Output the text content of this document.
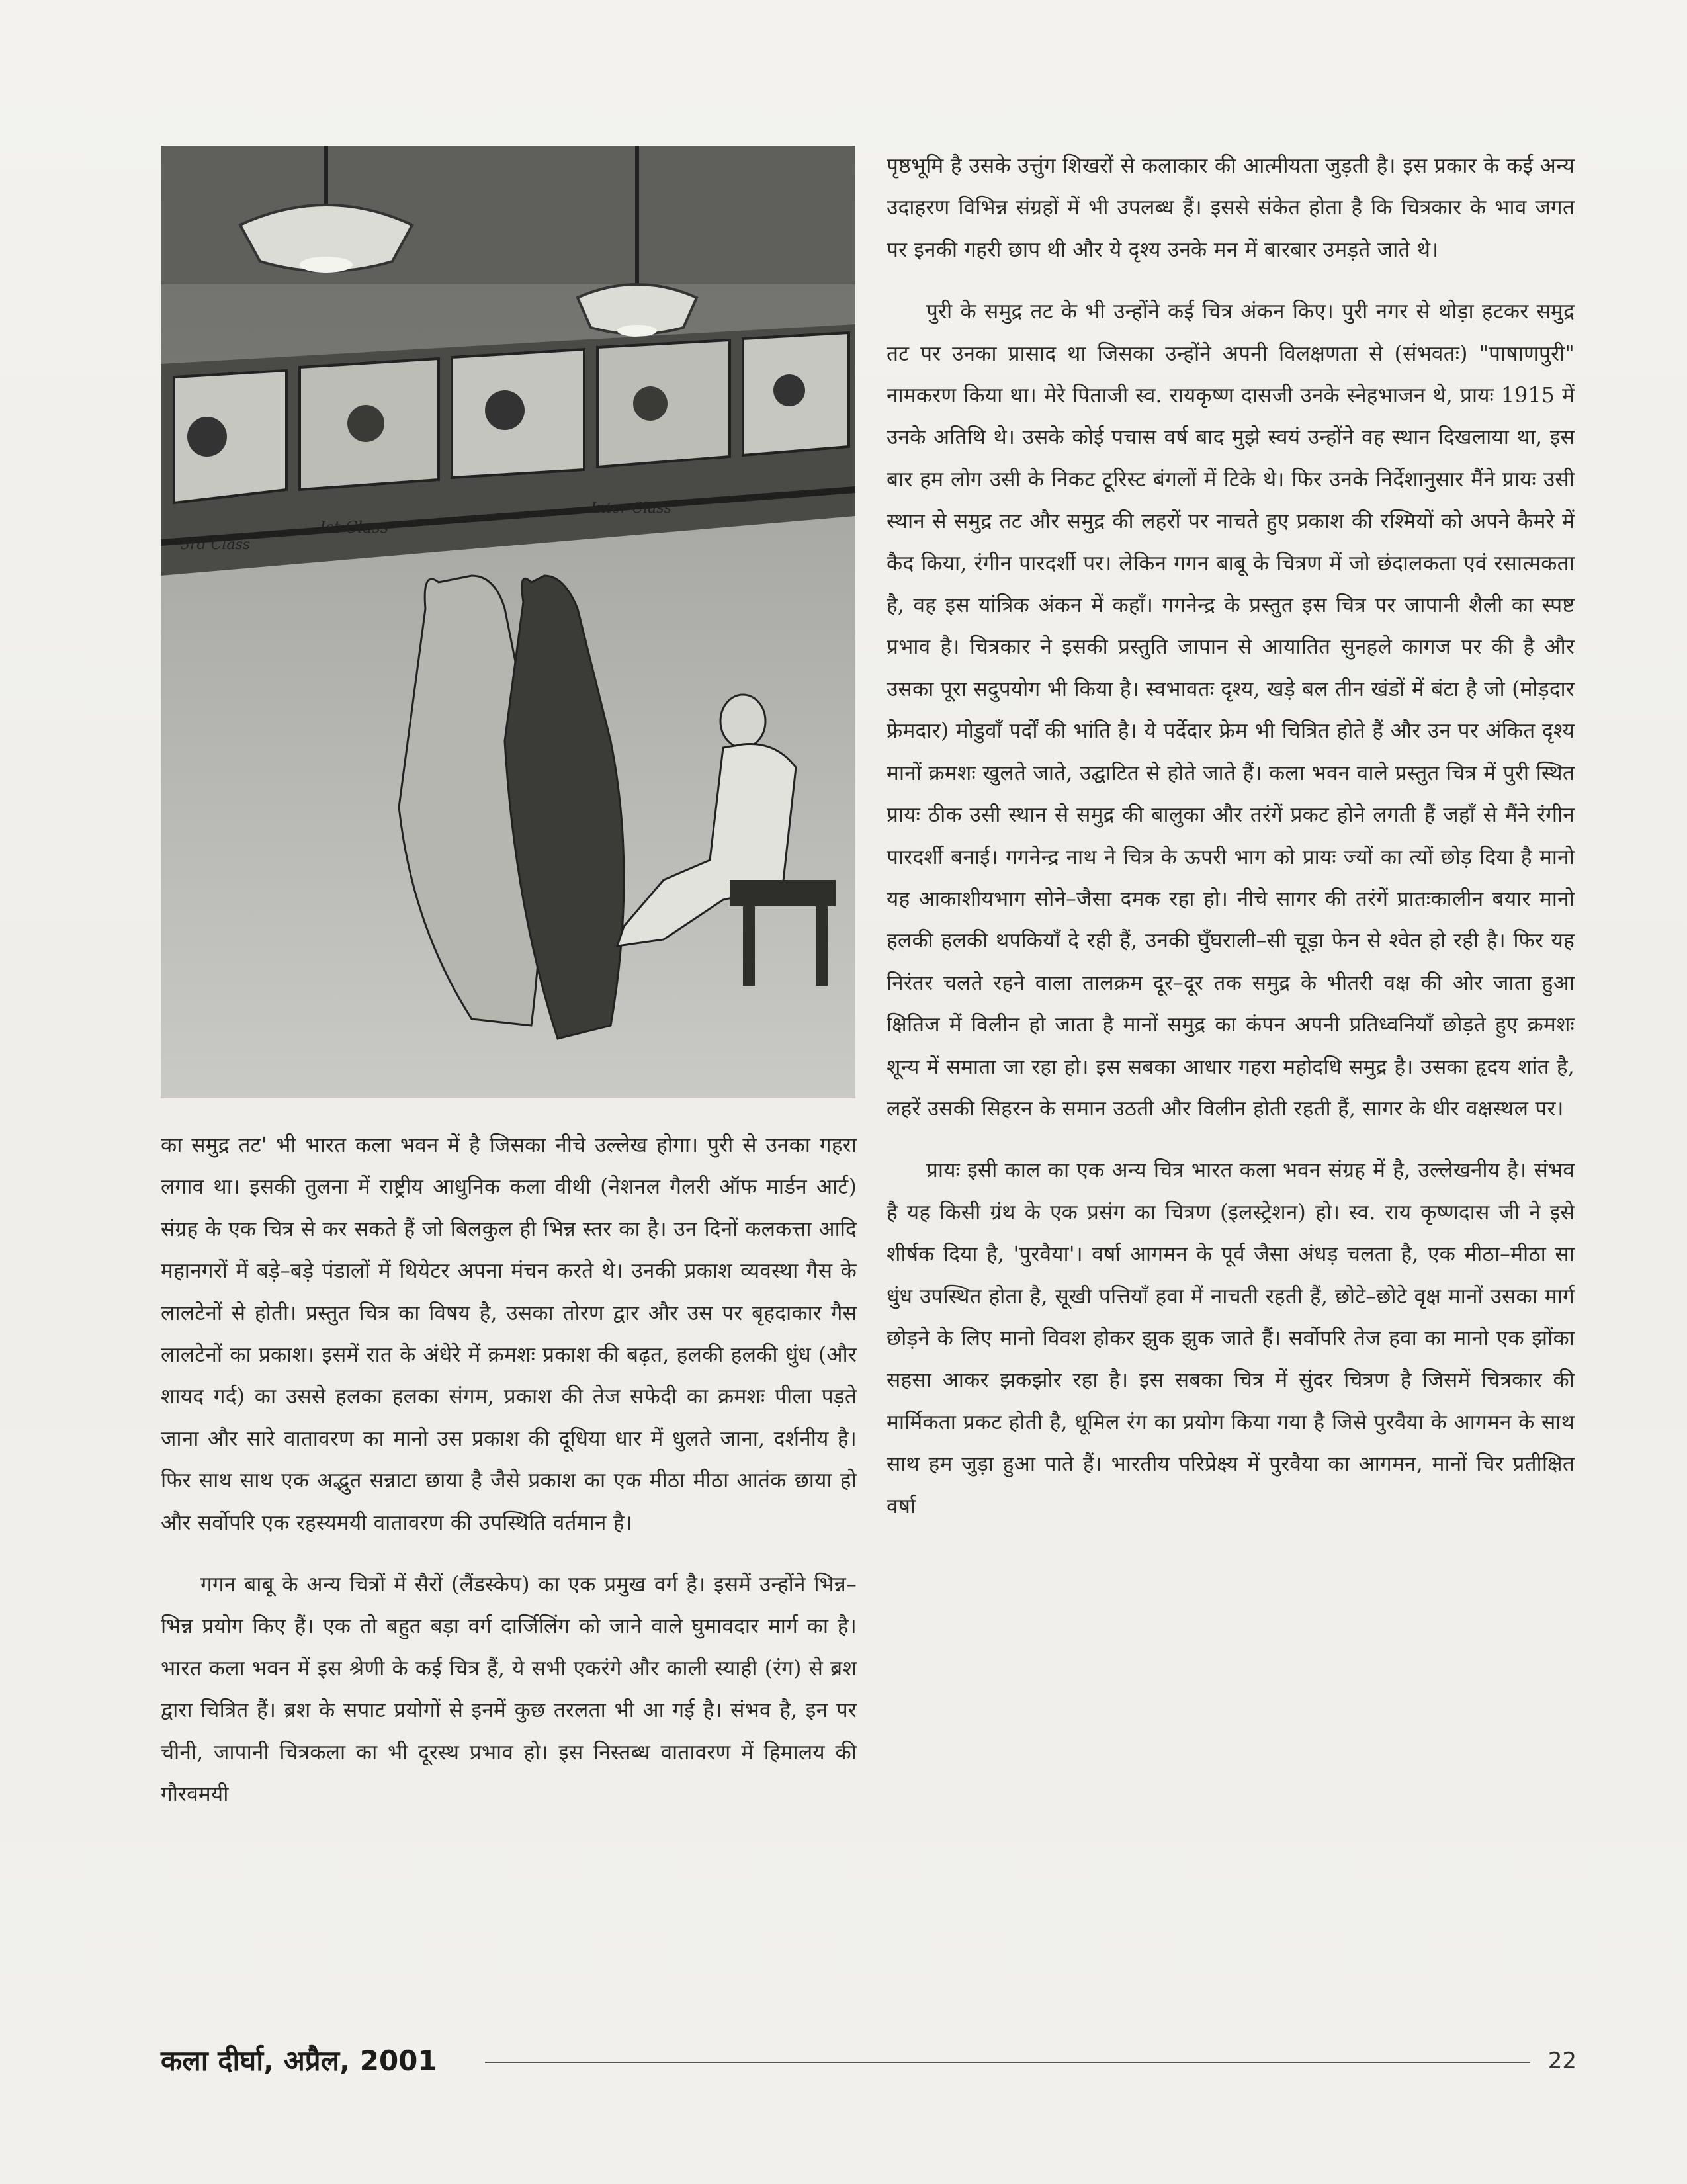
Ist Class
Inter Class
3rd Class

का समुद्र तट' भी भारत कला भवन में है जिसका नीचे उल्लेख होगा। पुरी से उनका गहरा लगाव था। इसकी तुलना में राष्ट्रीय आधुनिक कला वीथी (नेशनल गैलरी ऑफ मार्डन आर्ट) संग्रह के एक चित्र से कर सकते हैं जो बिलकुल ही भिन्न स्तर का है। उन दिनों कलकत्ता आदि महानगरों में बड़े–बड़े पंडालों में थियेटर अपना मंचन करते थे। उनकी प्रकाश व्यवस्था गैस के लालटेनों से होती। प्रस्तुत चित्र का विषय है, उसका तोरण द्वार और उस पर बृहदाकार गैस लालटेनों का प्रकाश। इसमें रात के अंधेरे में क्रमशः प्रकाश की बढ़त, हलकी हलकी धुंध (और शायद गर्द) का उससे हलका हलका संगम, प्रकाश की तेज सफेदी का क्रमशः पीला पड़ते जाना और सारे वातावरण का मानो उस प्रकाश की दूधिया धार में धुलते जाना, दर्शनीय है। फिर साथ साथ एक अद्भुत सन्नाटा छाया है जैसे प्रकाश का एक मीठा मीठा आतंक छाया हो और सर्वोपरि एक रहस्यमयी वातावरण की उपस्थिति वर्तमान है।

गगन बाबू के अन्य चित्रों में सैरों (लैंडस्केप) का एक प्रमुख वर्ग है। इसमें उन्होंने भिन्न–भिन्न प्रयोग किए हैं। एक तो बहुत बड़ा वर्ग दार्जिलिंग को जाने वाले घुमावदार मार्ग का है। भारत कला भवन में इस श्रेणी के कई चित्र हैं, ये सभी एकरंगे और काली स्याही (रंग) से ब्रश द्वारा चित्रित हैं। ब्रश के सपाट प्रयोगों से इनमें कुछ तरलता भी आ गई है। संभव है, इन पर चीनी, जापानी चित्रकला का भी दूरस्थ प्रभाव हो। इस निस्तब्ध वातावरण में हिमालय की गौरवमयी

पृष्ठभूमि है उसके उत्तुंग शिखरों से कलाकार की आत्मीयता जुड़ती है। इस प्रकार के कई अन्य उदाहरण विभिन्न संग्रहों में भी उपलब्ध हैं। इससे संकेत होता है कि चित्रकार के भाव जगत पर इनकी गहरी छाप थी और ये दृश्य उनके मन में बारबार उमड़ते जाते थे।

पुरी के समुद्र तट के भी उन्होंने कई चित्र अंकन किए। पुरी नगर से थोड़ा हटकर समुद्र तट पर उनका प्रासाद था जिसका उन्होंने अपनी विलक्षणता से (संभवतः) "पाषाणपुरी" नामकरण किया था। मेरे पिताजी स्व. रायकृष्ण दासजी उनके स्नेहभाजन थे, प्रायः 1915 में उनके अतिथि थे। उसके कोई पचास वर्ष बाद मुझे स्वयं उन्होंने वह स्थान दिखलाया था, इस बार हम लोग उसी के निकट टूरिस्ट बंगलों में टिके थे। फिर उनके निर्देशानुसार मैंने प्रायः उसी स्थान से समुद्र तट और समुद्र की लहरों पर नाचते हुए प्रकाश की रश्मियों को अपने कैमरे में कैद किया, रंगीन पारदर्शी पर। लेकिन गगन बाबू के चित्रण में जो छंदालकता एवं रसात्मकता है, वह इस यांत्रिक अंकन में कहाँ। गगनेन्द्र के प्रस्तुत इस चित्र पर जापानी शैली का स्पष्ट प्रभाव है। चित्रकार ने इसकी प्रस्तुति जापान से आयातित सुनहले कागज पर की है और उसका पूरा सदुपयोग भी किया है। स्वभावतः दृश्य, खड़े बल तीन खंडों में बंटा है जो (मोड़दार फ्रेमदार) मोडुवाँ पर्दों की भांति है। ये पर्देदार फ्रेम भी चित्रित होते हैं और उन पर अंकित दृश्य मानों क्रमशः खुलते जाते, उद्घाटित से होते जाते हैं। कला भवन वाले प्रस्तुत चित्र में पुरी स्थित प्रायः ठीक उसी स्थान से समुद्र की बालुका और तरंगें प्रकट होने लगती हैं जहाँ से मैंने रंगीन पारदर्शी बनाई। गगनेन्द्र नाथ ने चित्र के ऊपरी भाग को प्रायः ज्यों का त्यों छोड़ दिया है मानो यह आकाशीयभाग सोने–जैसा दमक रहा हो। नीचे सागर की तरंगें प्रातःकालीन बयार मानो हलकी हलकी थपकियाँ दे रही हैं, उनकी घुँघराली–सी चूड़ा फेन से श्वेत हो रही है। फिर यह निरंतर चलते रहने वाला तालक्रम दूर–दूर तक समुद्र के भीतरी वक्ष की ओर जाता हुआ क्षितिज में विलीन हो जाता है मानों समुद्र का कंपन अपनी प्रतिध्वनियाँ छोड़ते हुए क्रमशः शून्य में समाता जा रहा हो। इस सबका आधार गहरा महोदधि समुद्र है। उसका हृदय शांत है, लहरें उसकी सिहरन के समान उठती और विलीन होती रहती हैं, सागर के धीर वक्षस्थल पर।

प्रायः इसी काल का एक अन्य चित्र भारत कला भवन संग्रह में है, उल्लेखनीय है। संभव है यह किसी ग्रंथ के एक प्रसंग का चित्रण (इलस्ट्रेशन) हो। स्व. राय कृष्णदास जी ने इसे शीर्षक दिया है, 'पुरवैया'। वर्षा आगमन के पूर्व जैसा अंधड़ चलता है, एक मीठा–मीठा सा धुंध उपस्थित होता है, सूखी पत्तियाँ हवा में नाचती रहती हैं, छोटे–छोटे वृक्ष मानों उसका मार्ग छोड़ने के लिए मानो विवश होकर झुक झुक जाते हैं। सर्वोपरि तेज हवा का मानो एक झोंका सहसा आकर झकझोर रहा है। इस सबका चित्र में सुंदर चित्रण है जिसमें चित्रकार की मार्मिकता प्रकट होती है, धूमिल रंग का प्रयोग किया गया है जिसे पुरवैया के आगमन के साथ साथ हम जुड़ा हुआ पाते हैं। भारतीय परिप्रेक्ष्य में पुरवैया का आगमन, मानों चिर प्रतीक्षित वर्षा

कला दीर्घा, अप्रैल, 2001	22
